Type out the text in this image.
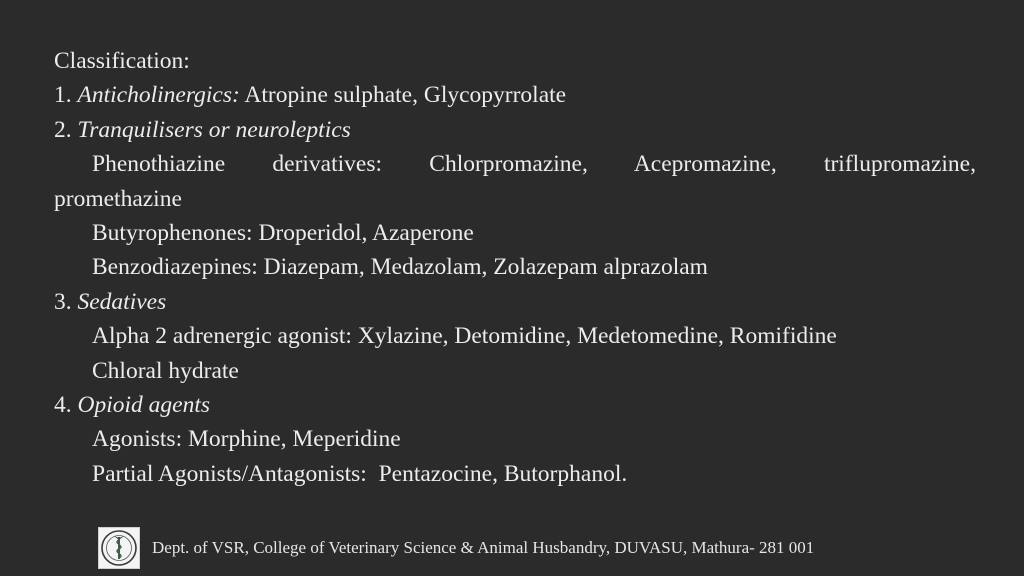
Classification:
1. Anticholinergics: Atropine sulphate, Glycopyrrolate
2. Tranquilisers or neuroleptics
Phenothiazine derivatives: Chlorpromazine, Acepromazine, triflupromazine,
promethazine
Butyrophenones: Droperidol, Azaperone
Benzodiazepines: Diazepam, Medazolam, Zolazepam alprazolam
3. Sedatives
Alpha 2 adrenergic agonist: Xylazine, Detomidine, Medetomedine, Romifidine
Chloral hydrate
4. Opioid agents
Agonists: Morphine, Meperidine
Partial Agonists/Antagonists:  Pentazocine, Butorphanol.
Dept. of VSR, College of Veterinary Science & Animal Husbandry, DUVASU, Mathura- 281 001
